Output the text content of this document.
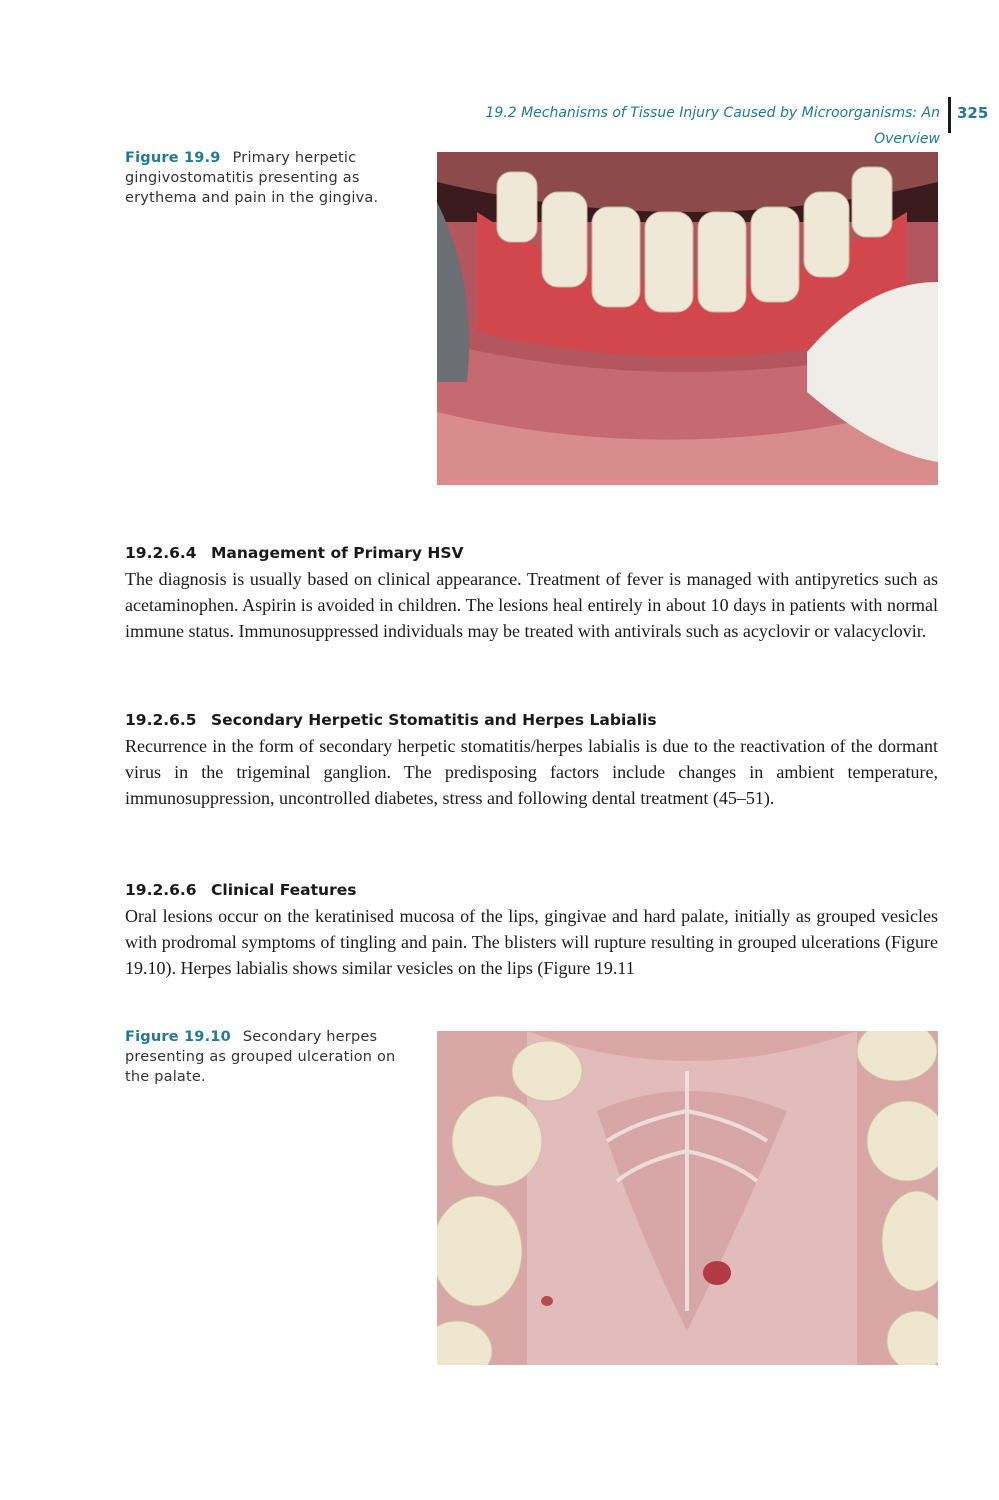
19.2 Mechanisms of Tissue Injury Caused by Microorganisms: An Overview
325
Figure 19.9 Primary herpetic gingivostomatitis presenting as erythema and pain in the gingiva.
19.2.6.4 Management of Primary HSV

The diagnosis is usually based on clinical appearance. Treatment of fever is managed with antipyretics such as acetaminophen. Aspirin is avoided in children. The lesions heal entirely in about 10 days in patients with normal immune status. Immunosuppressed individuals may be treated with antivirals such as acyclovir or valacyclovir.

19.2.6.5 Secondary Herpetic Stomatitis and Herpes Labialis

Recurrence in the form of secondary herpetic stomatitis/herpes labialis is due to the reactivation of the dormant virus in the trigeminal ganglion. The predisposing factors include changes in ambient temperature, immunosuppression, uncontrolled diabetes, stress and following dental treatment (45–51).

19.2.6.6 Clinical Features

Oral lesions occur on the keratinised mucosa of the lips, gingivae and hard palate, initially as grouped vesicles with prodromal symptoms of tingling and pain. The blisters will rupture resulting in grouped ulcerations (Figure 19.10). Herpes labialis shows similar vesicles on the lips (Figure 19.11

Figure 19.10 Secondary herpes presenting as grouped ulceration on the palate.
